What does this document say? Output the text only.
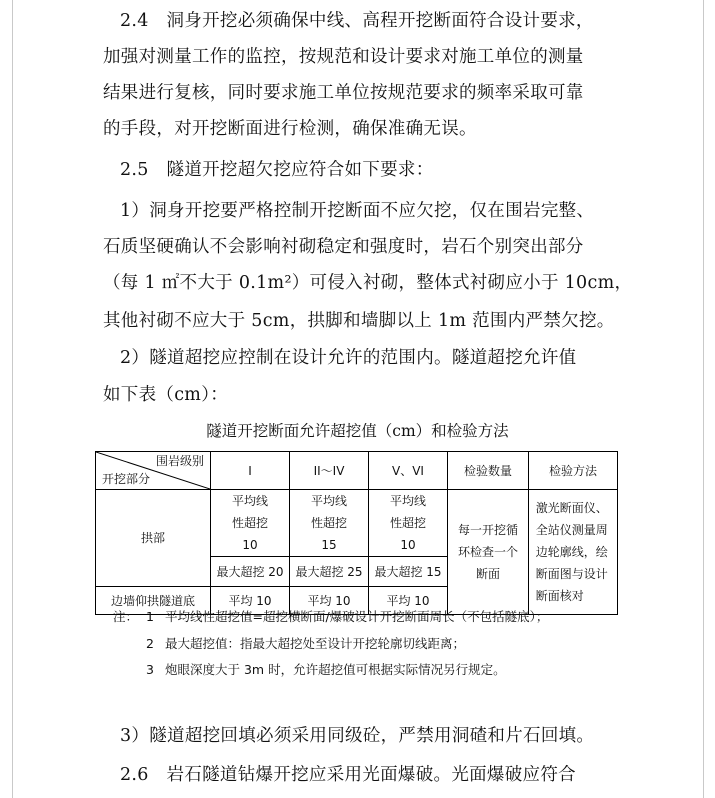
2.4　洞身开挖必须确保中线、高程开挖断面符合设计要求，
加强对测量工作的监控，按规范和设计要求对施工单位的测量
结果进行复核，同时要求施工单位按规范要求的频率采取可靠
的手段，对开挖断面进行检测，确保准确无误。
2.5　隧道开挖超欠挖应符合如下要求：
1）洞身开挖要严格控制开挖断面不应欠挖，仅在围岩完整、
石质坚硬确认不会影响衬砌稳定和强度时，岩石个别突出部分
（每 1 ㎡不大于 0.1m²）可侵入衬砌，整体式衬砌应小于 10cm，
其他衬砌不应大于 5cm，拱脚和墙脚以上 1m 范围内严禁欠挖。
2）隧道超挖应控制在设计允许的范围内。隧道超挖允许值
如下表（cm）：
隧道开挖断面允许超挖值（cm）和检验方法
围岩级别
开挖部分	I	II～IV	V、VI	检验数量	检验方法
拱部	平均线性超挖 10	平均线性超挖 15	平均线性超挖 10	每一开挖循环检查一个断面	激光断面仪、全站仪测量周边轮廓线，绘断面图与设计断面核对

	最大超挖 20	最大超挖 25	最大超挖 15		
边墙仰拱隧道底	平均 10	平均 10	平均 10		
注： 1 平均线性超挖值=超挖横断面/爆破设计开挖断面周长（不包括隧底）；
2 最大超挖值：指最大超挖处至设计开挖轮廓切线距离；
3 炮眼深度大于 3m 时，允许超挖值可根据实际情况另行规定。
3）隧道超挖回填必须采用同级砼，严禁用洞碴和片石回填。
2.6　岩石隧道钻爆开挖应采用光面爆破。光面爆破应符合
